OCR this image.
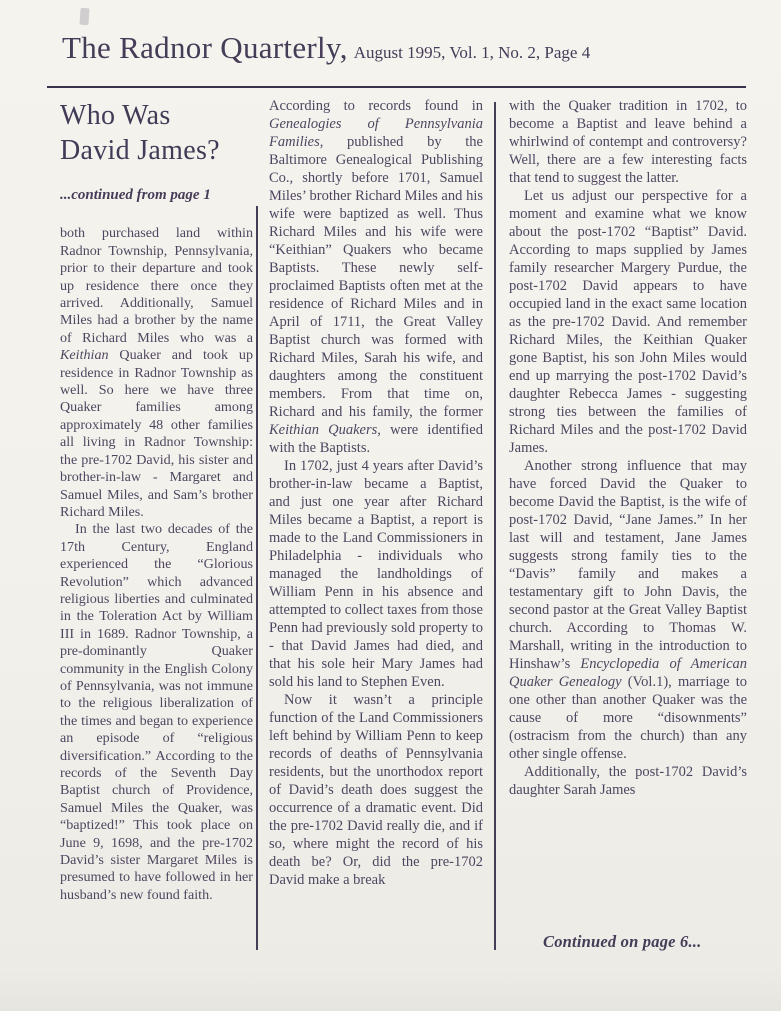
The Radnor Quarterly, August 1995, Vol. 1, No. 2, Page 4
Who Was
David James?
...continued from page 1

both purchased land within Radnor Township, Pennsylvania, prior to their departure and took up residence there once they arrived. Additionally, Samuel Miles had a brother by the name of Richard Miles who was a Keithian Quaker and took up residence in Radnor Township as well. So here we have three Quaker families among approximately 48 other families all living in Radnor Township: the pre-1702 David, his sister and brother-in-law - Margaret and Samuel Miles, and Sam’s brother Richard Miles.

In the last two decades of the 17th Century, England experienced the “Glorious Revolution” which advanced religious liberties and culminated in the Toleration Act by William III in 1689. Radnor Township, a pre-dominantly Quaker community in the English Colony of Pennsylvania, was not immune to the religious liberalization of the times and began to experience an episode of “religious diversification.” According to the records of the Seventh Day Baptist church of Providence, Samuel Miles the Quaker, was “baptized!” This took place on June 9, 1698, and the pre-1702 David’s sister Margaret Miles is presumed to have followed in her husband’s new found faith.

According to records found in Genealogies of Pennsylvania Families, published by the Baltimore Genealogical Publishing Co., shortly before 1701, Samuel Miles’ brother Richard Miles and his wife were baptized as well. Thus Richard Miles and his wife were “Keithian” Quakers who became Baptists. These newly self-proclaimed Baptists often met at the residence of Richard Miles and in April of 1711, the Great Valley Baptist church was formed with Richard Miles, Sarah his wife, and daughters among the constituent members. From that time on, Richard and his family, the former Keithian Quakers, were identified with the Baptists.

In 1702, just 4 years after David’s brother-in-law became a Baptist, and just one year after Richard Miles became a Baptist, a report is made to the Land Commissioners in Philadelphia - individuals who managed the landholdings of William Penn in his absence and attempted to collect taxes from those Penn had previously sold property to - that David James had died, and that his sole heir Mary James had sold his land to Stephen Even.

Now it wasn’t a principle function of the Land Commissioners left behind by William Penn to keep records of deaths of Pennsylvania residents, but the unorthodox report of David’s death does suggest the occurrence of a dramatic event. Did the pre-1702 David really die, and if so, where might the record of his death be? Or, did the pre-1702 David make a break

with the Quaker tradition in 1702, to become a Baptist and leave behind a whirlwind of contempt and controversy? Well, there are a few interesting facts that tend to suggest the latter.

Let us adjust our perspective for a moment and examine what we know about the post-1702 “Baptist” David. According to maps supplied by James family researcher Margery Purdue, the post-1702 David appears to have occupied land in the exact same location as the pre-1702 David. And remember Richard Miles, the Keithian Quaker gone Baptist, his son John Miles would end up marrying the post-1702 David’s daughter Rebecca James - suggesting strong ties between the families of Richard Miles and the post-1702 David James.

Another strong influence that may have forced David the Quaker to become David the Baptist, is the wife of post-1702 David, “Jane James.” In her last will and testament, Jane James suggests strong family ties to the “Davis” family and makes a testamentary gift to John Davis, the second pastor at the Great Valley Baptist church. According to Thomas W. Marshall, writing in the introduction to Hinshaw’s Encyclopedia of American Quaker Genealogy (Vol.1), marriage to one other than another Quaker was the cause of more “disownments” (ostracism from the church) than any other single offense.

Additionally, the post-1702 David’s daughter Sarah James

Continued on page 6...
